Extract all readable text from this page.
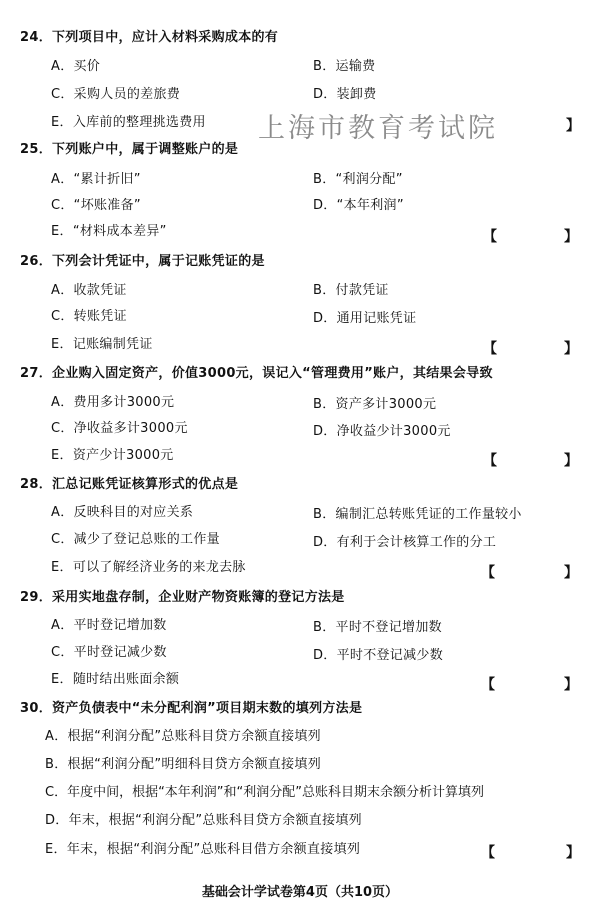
上海市教育考试院
24．下列项目中，应计入材料采购成本的有
A．买价	B．运输费
C．采购人员的差旅费	D．装卸费
E．入库前的整理挑选费用	】
25．下列账户中，属于调整账户的是
A．“累计折旧”	B．“利润分配”
C．“坏账准备”	D．“本年利润”
E．“材料成本差异”	【	】
26．下列会计凭证中，属于记账凭证的是
A．收款凭证	B．付款凭证
C．转账凭证	D．通用记账凭证
E．记账编制凭证	【	】
27．企业购入固定资产，价值3000元，误记入“管理费用”账户，其结果会导致
A．费用多计3000元	B．资产多计3000元
C．净收益多计3000元	D．净收益少计3000元
E．资产少计3000元	【	】
28．汇总记账凭证核算形式的优点是
A．反映科目的对应关系	B．编制汇总转账凭证的工作量较小
C．减少了登记总账的工作量	D．有利于会计核算工作的分工
E．可以了解经济业务的来龙去脉	【	】
29．采用实地盘存制，企业财产物资账簿的登记方法是
A．平时登记增加数	B．平时不登记增加数
C．平时登记减少数	D．平时不登记减少数
E．随时结出账面余额	【	】
30．资产负债表中“未分配利润”项目期末数的填列方法是
A．根据“利润分配”总账科目贷方余额直接填列
B．根据“利润分配”明细科目贷方余额直接填列
C．年度中间，根据“本年利润”和“利润分配”总账科目期末余额分析计算填列
D．年末，根据“利润分配”总账科目贷方余额直接填列
E．年末，根据“利润分配”总账科目借方余额直接填列	【	】
基础会计学试卷第4页（共10页）
